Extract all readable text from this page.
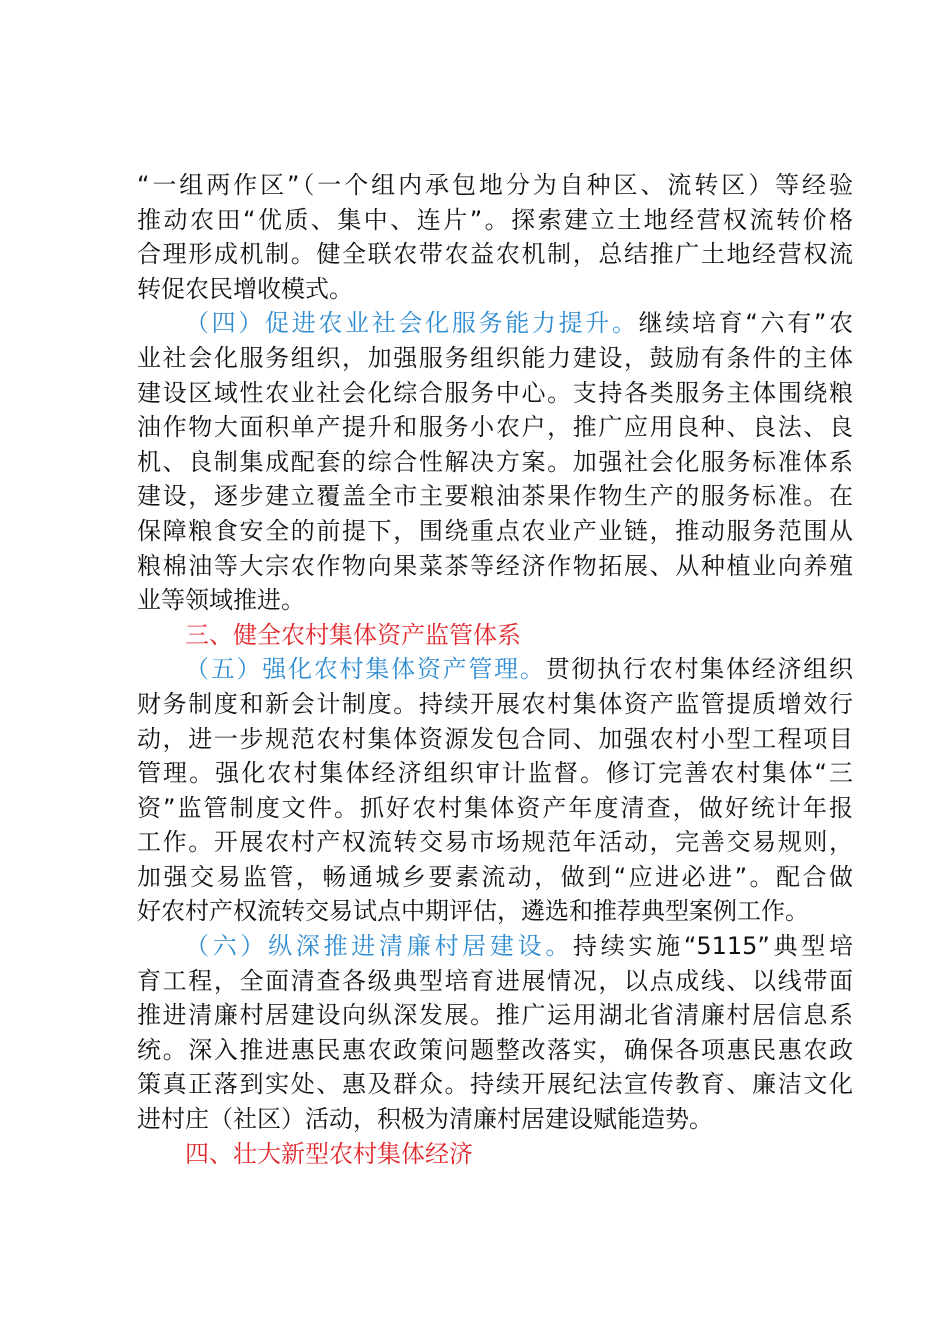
“一组两作区”（一个组内承包地分为自种区、流转区）等经验
推动农田“优质、集中、连片”。探索建立土地经营权流转价格
合理形成机制。健全联农带农益农机制，总结推广土地经营权流
转促农民增收模式。
（四）促进农业社会化服务能力提升。继续培育“六有”农
业社会化服务组织，加强服务组织能力建设，鼓励有条件的主体
建设区域性农业社会化综合服务中心。支持各类服务主体围绕粮
油作物大面积单产提升和服务小农户，推广应用良种、良法、良
机、良制集成配套的综合性解决方案。加强社会化服务标准体系
建设，逐步建立覆盖全市主要粮油茶果作物生产的服务标准。在
保障粮食安全的前提下，围绕重点农业产业链，推动服务范围从
粮棉油等大宗农作物向果菜茶等经济作物拓展、从种植业向养殖
业等领域推进。
三、健全农村集体资产监管体系
（五）强化农村集体资产管理。贯彻执行农村集体经济组织
财务制度和新会计制度。持续开展农村集体资产监管提质增效行
动，进一步规范农村集体资源发包合同、加强农村小型工程项目
管理。强化农村集体经济组织审计监督。修订完善农村集体“三
资”监管制度文件。抓好农村集体资产年度清查，做好统计年报
工作。开展农村产权流转交易市场规范年活动，完善交易规则，
加强交易监管，畅通城乡要素流动，做到“应进必进”。配合做
好农村产权流转交易试点中期评估，遴选和推荐典型案例工作。
（六）纵深推进清廉村居建设。持续实施“5115”典型培
育工程，全面清查各级典型培育进展情况，以点成线、以线带面
推进清廉村居建设向纵深发展。推广运用湖北省清廉村居信息系
统。深入推进惠民惠农政策问题整改落实，确保各项惠民惠农政
策真正落到实处、惠及群众。持续开展纪法宣传教育、廉洁文化
进村庄（社区）活动，积极为清廉村居建设赋能造势。
四、壮大新型农村集体经济
